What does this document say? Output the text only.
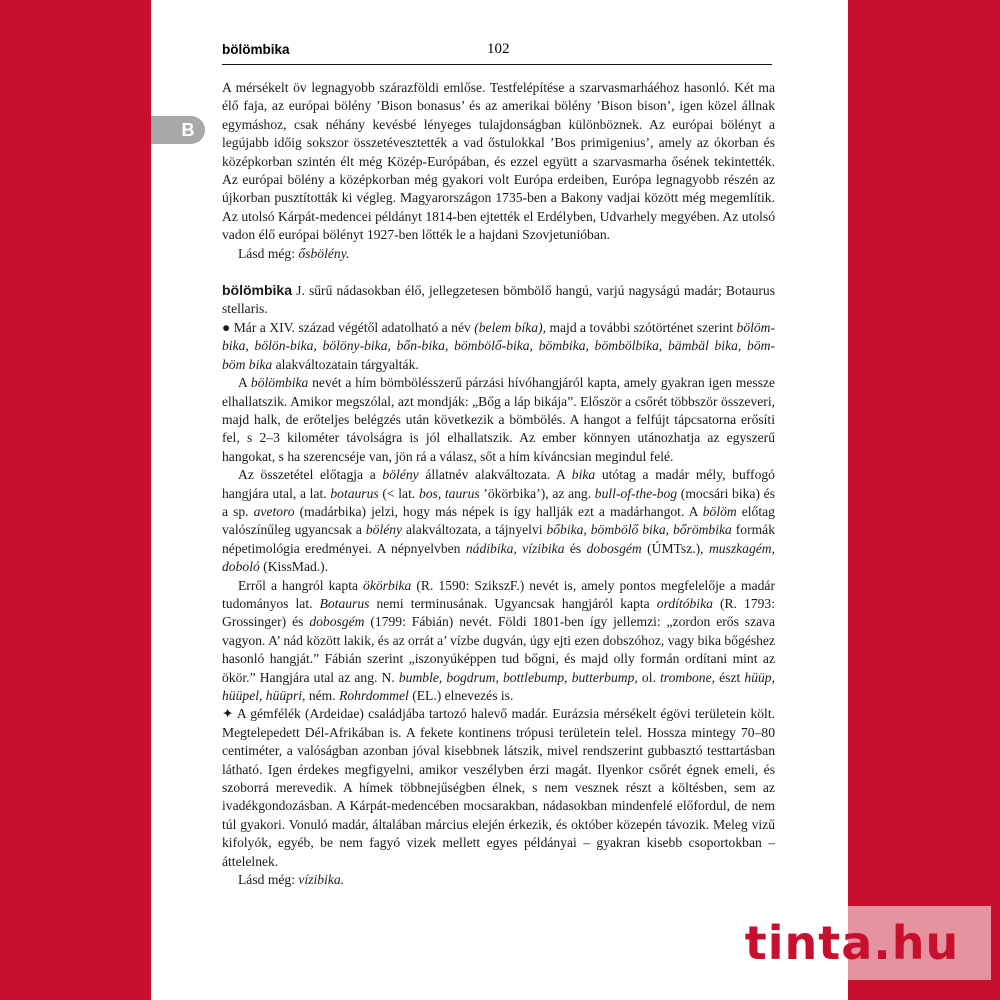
B
bölömbika	102

A mérsékelt öv legnagyobb szárazföldi emlőse. Testfelépítése a szarvasmarháéhoz hasonló. Két ma élő faja, az európai bölény ’Bison bonasus’ és az amerikai bölény ’Bison bison’, igen közel állnak egymáshoz, csak néhány kevésbé lényeges tulajdonságban különböznek. Az európai bölényt a legújabb időig sokszor összetévesztették a vad őstulokkal ’Bos primigenius’, amely az ókorban és középkorban szintén élt még Közép-Európában, és ezzel együtt a szarvasmarha ősének tekintették. Az európai bölény a középkorban még gyakori volt Európa erdeiben, Európa legnagyobb részén az újkorban pusztították ki végleg. Magyarországon 1735-ben a Bakony vadjai között még megemlítik. Az utolsó Kárpát-medencei példányt 1814-ben ejtették el Erdélyben, Udvarhely megyében. Az utolsó vadon élő európai bölényt 1927-ben lőtték le a hajdani Szovjetunióban.

Lásd még: ősbölény.

bölömbika J. sűrű nádasokban élő, jellegzetesen bömbölő hangú, varjú nagyságú madár; Botaurus stellaris.

● Már a XIV. század végétől adatolható a név (belem bíka), majd a további szótörténet szerint bölöm-bika, bölön-bika, bölöny-bika, bőn-bika, bömbölő-bika, bömbika, bömbölbika, bämbäl bika, böm-böm bika alakváltozatain tárgyalták.

A bölömbika nevét a hím bömbölésszerű párzási hívóhangjáról kapta, amely gyakran igen messze elhallatszik. Amikor megszólal, azt mondják: „Bőg a láp bikája”. Először a csőrét többször összeveri, majd halk, de erőteljes belégzés után következik a bömbölés. A hangot a felfújt tápcsatorna erősíti fel, s 2–3 kilométer távolságra is jól elhallatszik. Az ember könnyen utánozhatja az egyszerű hangokat, s ha szerencséje van, jön rá a válasz, sőt a hím kíváncsian megindul felé.

Az összetétel előtagja a bölény állatnév alakváltozata. A bika utótag a madár mély, buffogó hangjára utal, a lat. botaurus (< lat. bos, taurus ’ökörbika’), az ang. bull-of-the-bog (mocsári bika) és a sp. avetoro (madárbika) jelzi, hogy más népek is így hallják ezt a madárhangot. A bölöm előtag valószínűleg ugyancsak a bölény alakváltozata, a tájnyelvi bőbika, bömbölő bika, bőrömbika formák népetimológia eredményei. A népnyelvben nádibika, vízibika és dobosgém (ÚMTsz.), muszkagém, doboló (KissMad.).

Erről a hangról kapta ökörbika (R. 1590: SzikszF.) nevét is, amely pontos megfelelője a madár tudományos lat. Botaurus nemi terminusának. Ugyancsak hangjáról kapta ordítóbika (R. 1793: Grossinger) és dobosgém (1799: Fábián) nevét. Földi 1801-ben így jellemzi: „zordon erős szava vagyon. A’ nád között lakik, és az orrát a’ vízbe dugván, úgy ejti ezen dobszóhoz, vagy bika bőgéshez hasonló hangját.” Fábián szerint „iszonyúképpen tud bőgni, és majd olly formán ordítani mint az ökör.” Hangjára utal az ang. N. bumble, bogdrum, bottlebump, butterbump, ol. trombone, észt hüüp, hüüpel, hüüpri, ném. Rohrdommel (EL.) elnevezés is.

✦ A gémfélék (Ardeidae) családjába tartozó halevő madár. Eurázsia mérsékelt égövi területein költ. Megtelepedett Dél-Afrikában is. A fekete kontinens trópusi területein telel. Hossza mintegy 70–80 centiméter, a valóságban azonban jóval kisebbnek látszik, mivel rendszerint gubbasztó testtartásban látható. Igen érdekes megfigyelni, amikor veszélyben érzi magát. Ilyenkor csőrét égnek emeli, és szoborrá merevedik. A hímek többnejűségben élnek, s nem vesznek részt a költésben, sem az ivadékgondozásban. A Kárpát-medencében mocsarakban, nádasokban mindenfelé előfordul, de nem túl gyakori. Vonuló madár, általában március elején érkezik, és október közepén távozik. Meleg vizű kifolyók, egyéb, be nem fagyó vizek mellett egyes példányai – gyakran kisebb csoportokban – áttelelnek.

Lásd még: vízibika.

tinta.hu
